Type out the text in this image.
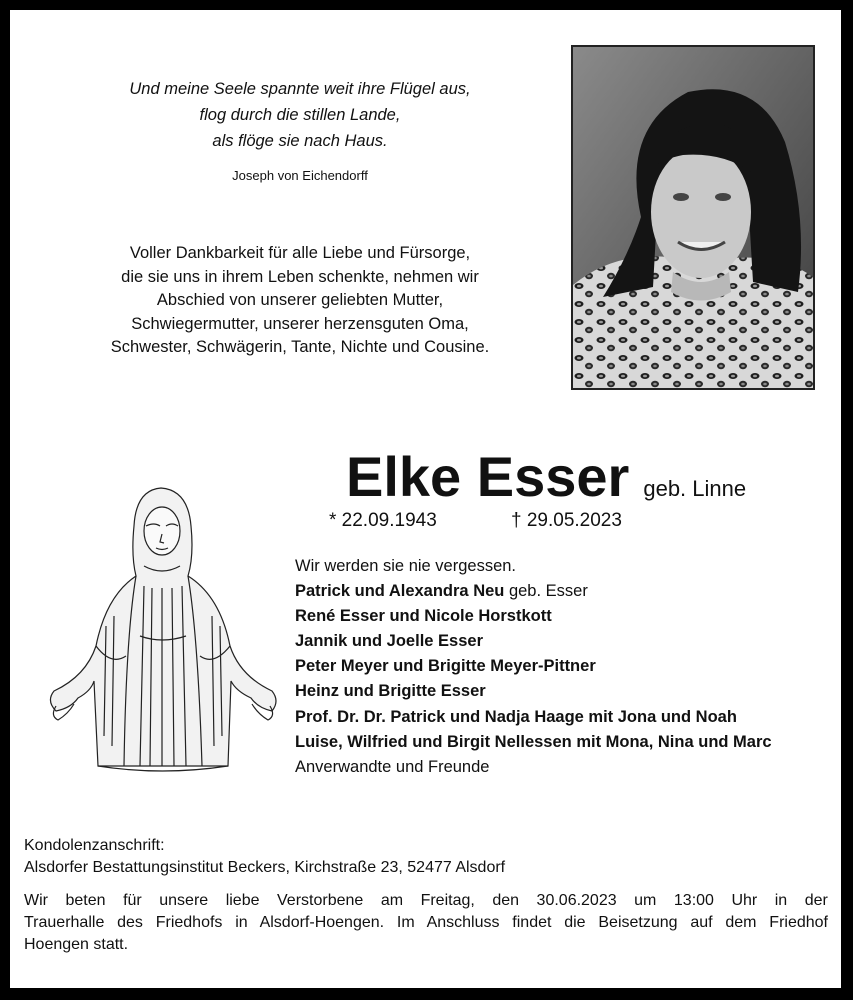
Und meine Seele spannte weit ihre Flügel aus,
flog durch die stillen Lande,
als flöge sie nach Haus.
Joseph von Eichendorff
Voller Dankbarkeit für alle Liebe und Fürsorge,
die sie uns in ihrem Leben schenkte, nehmen wir
Abschied von unserer geliebten Mutter,
Schwiegermutter, unserer herzensguten Oma,
Schwester, Schwägerin, Tante, Nichte und Cousine.
Elke Esser geb. Linne
* 22.09.1943	† 29.05.2023
Wir werden sie nie vergessen.
Patrick und Alexandra Neu geb. Esser
René Esser und Nicole Horstkott
Jannik und Joelle Esser
Peter Meyer und Brigitte Meyer-Pittner
Heinz und Brigitte Esser
Prof. Dr. Dr. Patrick und Nadja Haage mit Jona und Noah
Luise, Wilfried und Birgit Nellessen mit Mona, Nina und Marc
Anverwandte und Freunde
Kondolenzanschrift:
Alsdorfer Bestattungsinstitut Beckers, Kirchstraße 23, 52477 Alsdorf
Wir beten für unsere liebe Verstorbene am Freitag, den 30.06.2023 um 13:00 Uhr in der
Trauerhalle des Friedhofs in Alsdorf-Hoengen. Im Anschluss findet die Beisetzung auf dem Friedhof
Hoengen statt.
